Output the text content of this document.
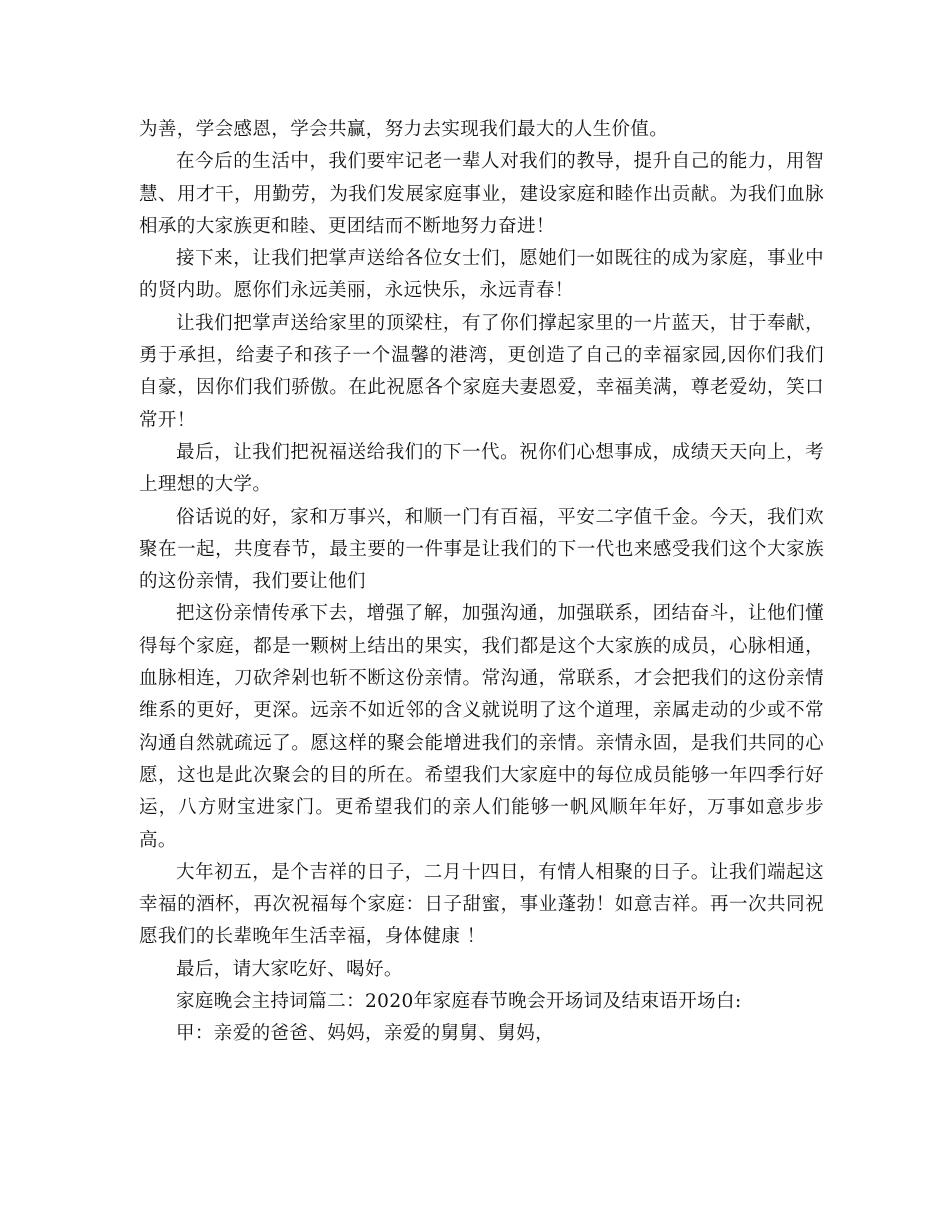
为善，学会感恩，学会共赢，努力去实现我们最大的人生价值。

在今后的生活中，我们要牢记老一辈人对我们的教导，提升自己的能力，用智慧、用才干，用勤劳，为我们发展家庭事业，建设家庭和睦作出贡献。为我们血脉相承的大家族更和睦、更团结而不断地努力奋进！

接下来，让我们把掌声送给各位女士们，愿她们一如既往的成为家庭，事业中的贤内助。愿你们永远美丽，永远快乐，永远青春！

让我们把掌声送给家里的顶梁柱，有了你们撑起家里的一片蓝天，甘于奉献，勇于承担，给妻子和孩子一个温馨的港湾，更创造了自己的幸福家园,因你们我们自豪，因你们我们骄傲。在此祝愿各个家庭夫妻恩爱，幸福美满，尊老爱幼，笑口常开！

最后，让我们把祝福送给我们的下一代。祝你们心想事成，成绩天天向上，考上理想的大学。

俗话说的好，家和万事兴，和顺一门有百福，平安二字值千金。今天，我们欢聚在一起，共度春节，最主要的一件事是让我们的下一代也来感受我们这个大家族的这份亲情，我们要让他们

把这份亲情传承下去，增强了解，加强沟通，加强联系，团结奋斗，让他们懂得每个家庭，都是一颗树上结出的果实，我们都是这个大家族的成员，心脉相通，血脉相连，刀砍斧剁也斩不断这份亲情。常沟通，常联系，才会把我们的这份亲情维系的更好，更深。远亲不如近邻的含义就说明了这个道理，亲属走动的少或不常沟通自然就疏远了。愿这样的聚会能增进我们的亲情。亲情永固，是我们共同的心愿，这也是此次聚会的目的所在。希望我们大家庭中的每位成员能够一年四季行好运，八方财宝进家门。更希望我们的亲人们能够一帆风顺年年好，万事如意步步高。

大年初五，是个吉祥的日子，二月十四日，有情人相聚的日子。让我们端起这幸福的酒杯，再次祝福每个家庭：日子甜蜜，事业蓬勃！如意吉祥。再一次共同祝愿我们的长辈晚年生活幸福，身体健康 ！

最后，请大家吃好、喝好。

家庭晚会主持词篇二：2020年家庭春节晚会开场词及结束语开场白:

甲：亲爱的爸爸、妈妈，亲爱的舅舅、舅妈，
